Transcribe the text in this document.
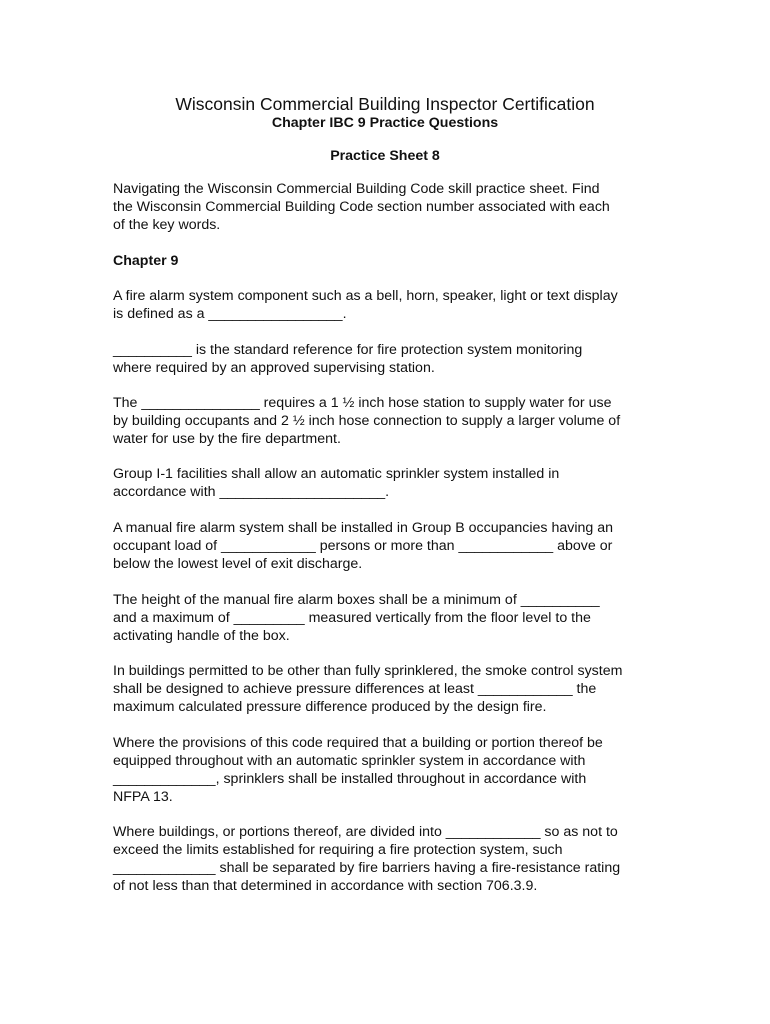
Wisconsin Commercial Building Inspector Certification
Chapter IBC 9 Practice Questions
Practice Sheet 8
Navigating the Wisconsin Commercial Building Code skill practice sheet. Find
the Wisconsin Commercial Building Code section number associated with each
of the key words.
Chapter 9
A fire alarm system component such as a bell, horn, speaker, light or text display
is defined as a _________________.
__________ is the standard reference for fire protection system monitoring
where required by an approved supervising station.
The _______________ requires a 1 ½ inch hose station to supply water for use
by building occupants and 2 ½ inch hose connection to supply a larger volume of
water for use by the fire department.
Group I-1 facilities shall allow an automatic sprinkler system installed in
accordance with _____________________.
A manual fire alarm system shall be installed in Group B occupancies having an
occupant load of ____________ persons or more than ____________ above or
below the lowest level of exit discharge.
The height of the manual fire alarm boxes shall be a minimum of __________
and a maximum of _________ measured vertically from the floor level to the
activating handle of the box.
In buildings permitted to be other than fully sprinklered, the smoke control system
shall be designed to achieve pressure differences at least ____________ the
maximum calculated pressure difference produced by the design fire.
Where the provisions of this code required that a building or portion thereof be
equipped throughout with an automatic sprinkler system in accordance with
_____________, sprinklers shall be installed throughout in accordance with
NFPA 13.
Where buildings, or portions thereof, are divided into ____________ so as not to
exceed the limits established for requiring a fire protection system, such
_____________ shall be separated by fire barriers having a fire-resistance rating
of not less than that determined in accordance with section 706.3.9.
